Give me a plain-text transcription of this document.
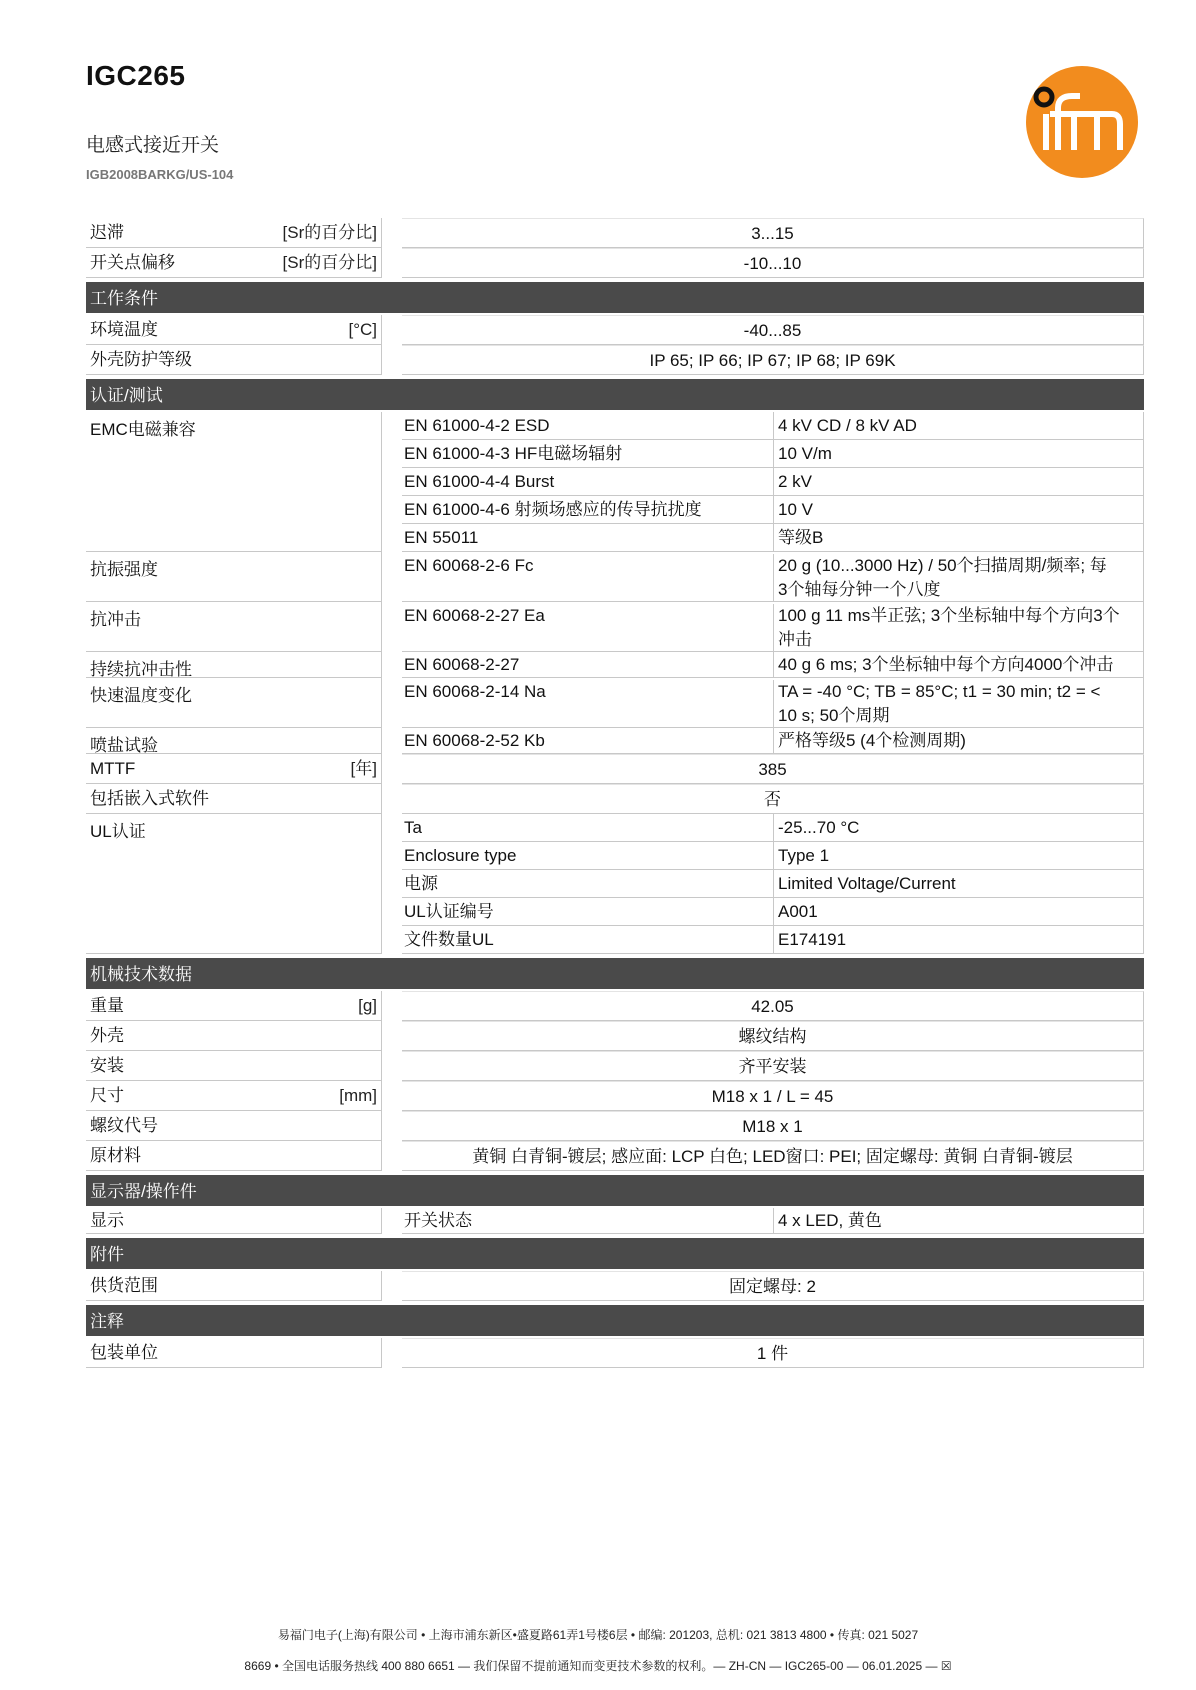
IGC265
电感式接近开关
IGB2008BARKG/US-104
迟滞	[Sr的百分比]	3...15
开关点偏移	[Sr的百分比]	-10...10
工作条件
环境温度	[°C]	-40...85
外壳防护等级	IP 65; IP 66; IP 67; IP 68; IP 69K
认证/测试
EMC电磁兼容	EN 61000-4-2 ESD	4 kV CD / 8 kV AD
EN 61000-4-3 HF电磁场辐射	10 V/m
EN 61000-4-4 Burst	2 kV
EN 61000-4-6 射频场感应的传导抗扰度	10 V
EN 55011	等级B
抗振强度	EN 60068-2-6 Fc	20 g (10...3000 Hz) / 50个扫描周期/频率; 每
3个轴每分钟一个八度
抗冲击	EN 60068-2-27 Ea	100 g 11 ms半正弦; 3个坐标轴中每个方向3个
冲击
持续抗冲击性	EN 60068-2-27	40 g 6 ms; 3个坐标轴中每个方向4000个冲击
快速温度变化	EN 60068-2-14 Na	TA = -40 °C; TB = 85°C; t1 = 30 min; t2 = <
10 s; 50个周期
喷盐试验	EN 60068-2-52 Kb	严格等级5 (4个检测周期)
MTTF	[年]	385
包括嵌入式软件	否
UL认证	Ta	-25...70 °C
Enclosure type	Type 1
电源	Limited Voltage/Current
UL认证编号	A001
文件数量UL	E174191
机械技术数据
重量	[g]	42.05
外壳	螺纹结构
安装	齐平安装
尺寸	[mm]	M18 x 1 / L = 45
螺纹代号	M18 x 1
原材料	黄铜 白青铜-镀层; 感应面: LCP 白色; LED窗口: PEI; 固定螺母: 黄铜 白青铜-镀层
显示器/操作件
显示	开关状态	4 x LED, 黄色
附件
供货范围	固定螺母: 2
注释
包装单位	1 件
易福门电子(上海)有限公司 • 上海市浦东新区•盛夏路61弄1号楼6层 • 邮编: 201203, 总机: 021 3813 4800 • 传真: 021 5027
8669 • 全国电话服务热线 400 880 6651 — 我们保留不提前通知而变更技术参数的权利。— ZH-CN — IGC265-00 — 06.01.2025 — ☒
